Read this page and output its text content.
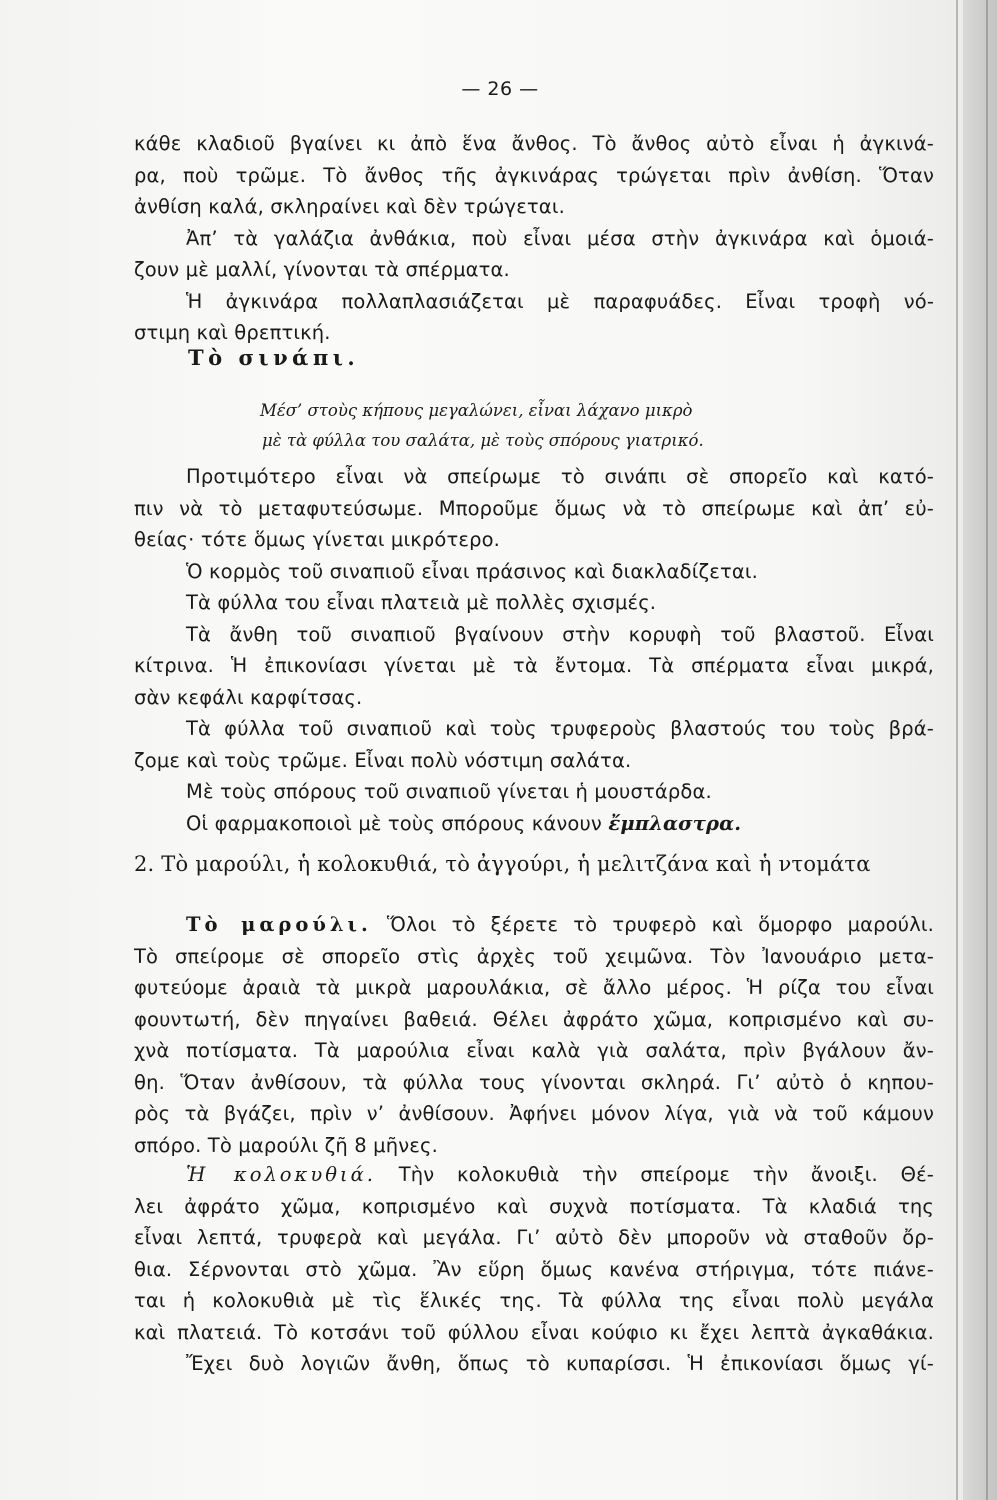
— 26 —
κάθε κλαδιοῦ βγαίνει κι ἀπὸ ἕνα ἄνθος. Τὸ ἄνθος αὐτὸ εἶναι ἡ ἀγκινά-
ρα, ποὺ τρῶμε. Τὸ ἄνθος τῆς ἀγκινάρας τρώγεται πρὶν ἀνθίση. Ὅταν
ἀνθίση καλά, σκληραίνει καὶ δὲν τρώγεται.
Ἀπ’ τὰ γαλάζια ἀνθάκια, ποὺ εἶναι μέσα στὴν ἀγκινάρα καὶ ὁμοιά-
ζουν μὲ μαλλί, γίνονται τὰ σπέρματα.
Ἡ ἀγκινάρα πολλαπλασιάζεται μὲ παραφυάδες. Εἶναι τροφὴ νό-
στιμη καὶ θρεπτική.
Τὸ σινάπι.
Μέσ’ στοὺς κήπους μεγαλώνει, εἶναι λάχανο μικρὸ
μὲ τὰ φύλλα του σαλάτα, μὲ τοὺς σπόρους γιατρικό.
Προτιμότερο εἶναι νὰ σπείρωμε τὸ σινάπι σὲ σπορεῖο καὶ κατό-
πιν νὰ τὸ μεταφυτεύσωμε. Μποροῦμε ὅμως νὰ τὸ σπείρωμε καὶ ἀπ’ εὐ-
θείας· τότε ὅμως γίνεται μικρότερο.
Ὁ κορμὸς τοῦ σιναπιοῦ εἶναι πράσινος καὶ διακλαδίζεται.
Τὰ φύλλα του εἶναι πλατειὰ μὲ πολλὲς σχισμές.
Τὰ ἄνθη τοῦ σιναπιοῦ βγαίνουν στὴν κορυφὴ τοῦ βλαστοῦ. Εἶναι
κίτρινα. Ἡ ἐπικονίασι γίνεται μὲ τὰ ἔντομα. Τὰ σπέρματα εἶναι μικρά,
σὰν κεφάλι καρφίτσας.
Τὰ φύλλα τοῦ σιναπιοῦ καὶ τοὺς τρυφεροὺς βλαστούς του τοὺς βρά-
ζομε καὶ τοὺς τρῶμε. Εἶναι πολὺ νόστιμη σαλάτα.
Μὲ τοὺς σπόρους τοῦ σιναπιοῦ γίνεται ἡ μουστάρδα.
Οἱ φαρμακοποιοὶ μὲ τοὺς σπόρους κάνουν ἔμπλαστρα.
2. Τὸ μαρούλι, ἡ κολοκυθιά, τὸ ἀγγούρι, ἡ μελιτζάνα καὶ ἡ ντομάτα
Τὸ μαρούλι. Ὅλοι τὸ ξέρετε τὸ τρυφερὸ καὶ ὅμορφο μαρούλι.
Τὸ σπείρομε σὲ σπορεῖο στὶς ἀρχὲς τοῦ χειμῶνα. Τὸν Ἰανουάριο μετα-
φυτεύομε ἀραιὰ τὰ μικρὰ μαρουλάκια, σὲ ἄλλο μέρος. Ἡ ρίζα του εἶναι
φουντωτή, δὲν πηγαίνει βαθειά. Θέλει ἀφράτο χῶμα, κοπρισμένο καὶ συ-
χνὰ ποτίσματα. Τὰ μαρούλια εἶναι καλὰ γιὰ σαλάτα, πρὶν βγάλουν ἄν-
θη. Ὅταν ἀνθίσουν, τὰ φύλλα τους γίνονται σκληρά. Γι’ αὐτὸ ὁ κηπου-
ρὸς τὰ βγάζει, πρὶν ν’ ἀνθίσουν. Ἀφήνει μόνον λίγα, γιὰ νὰ τοῦ κάμουν
σπόρο. Τὸ μαρούλι ζῆ 8 μῆνες.
Ἡ κολοκυθιά. Τὴν κολοκυθιὰ τὴν σπείρομε τὴν ἄνοιξι. Θέ-
λει ἀφράτο χῶμα, κοπρισμένο καὶ συχνὰ ποτίσματα. Τὰ κλαδιά της
εἶναι λεπτά, τρυφερὰ καὶ μεγάλα. Γι’ αὐτὸ δὲν μποροῦν νὰ σταθοῦν ὄρ-
θια. Σέρνονται στὸ χῶμα. Ἂν εὕρη ὅμως κανένα στήριγμα, τότε πιάνε-
ται ἡ κολοκυθιὰ μὲ τὶς ἕλικές της. Τὰ φύλλα της εἶναι πολὺ μεγάλα
καὶ πλατειά. Τὸ κοτσάνι τοῦ φύλλου εἶναι κούφιο κι ἔχει λεπτὰ ἀγκαθάκια.
Ἔχει δυὸ λογιῶν ἄνθη, ὅπως τὸ κυπαρίσσι. Ἡ ἐπικονίασι ὅμως γί-
